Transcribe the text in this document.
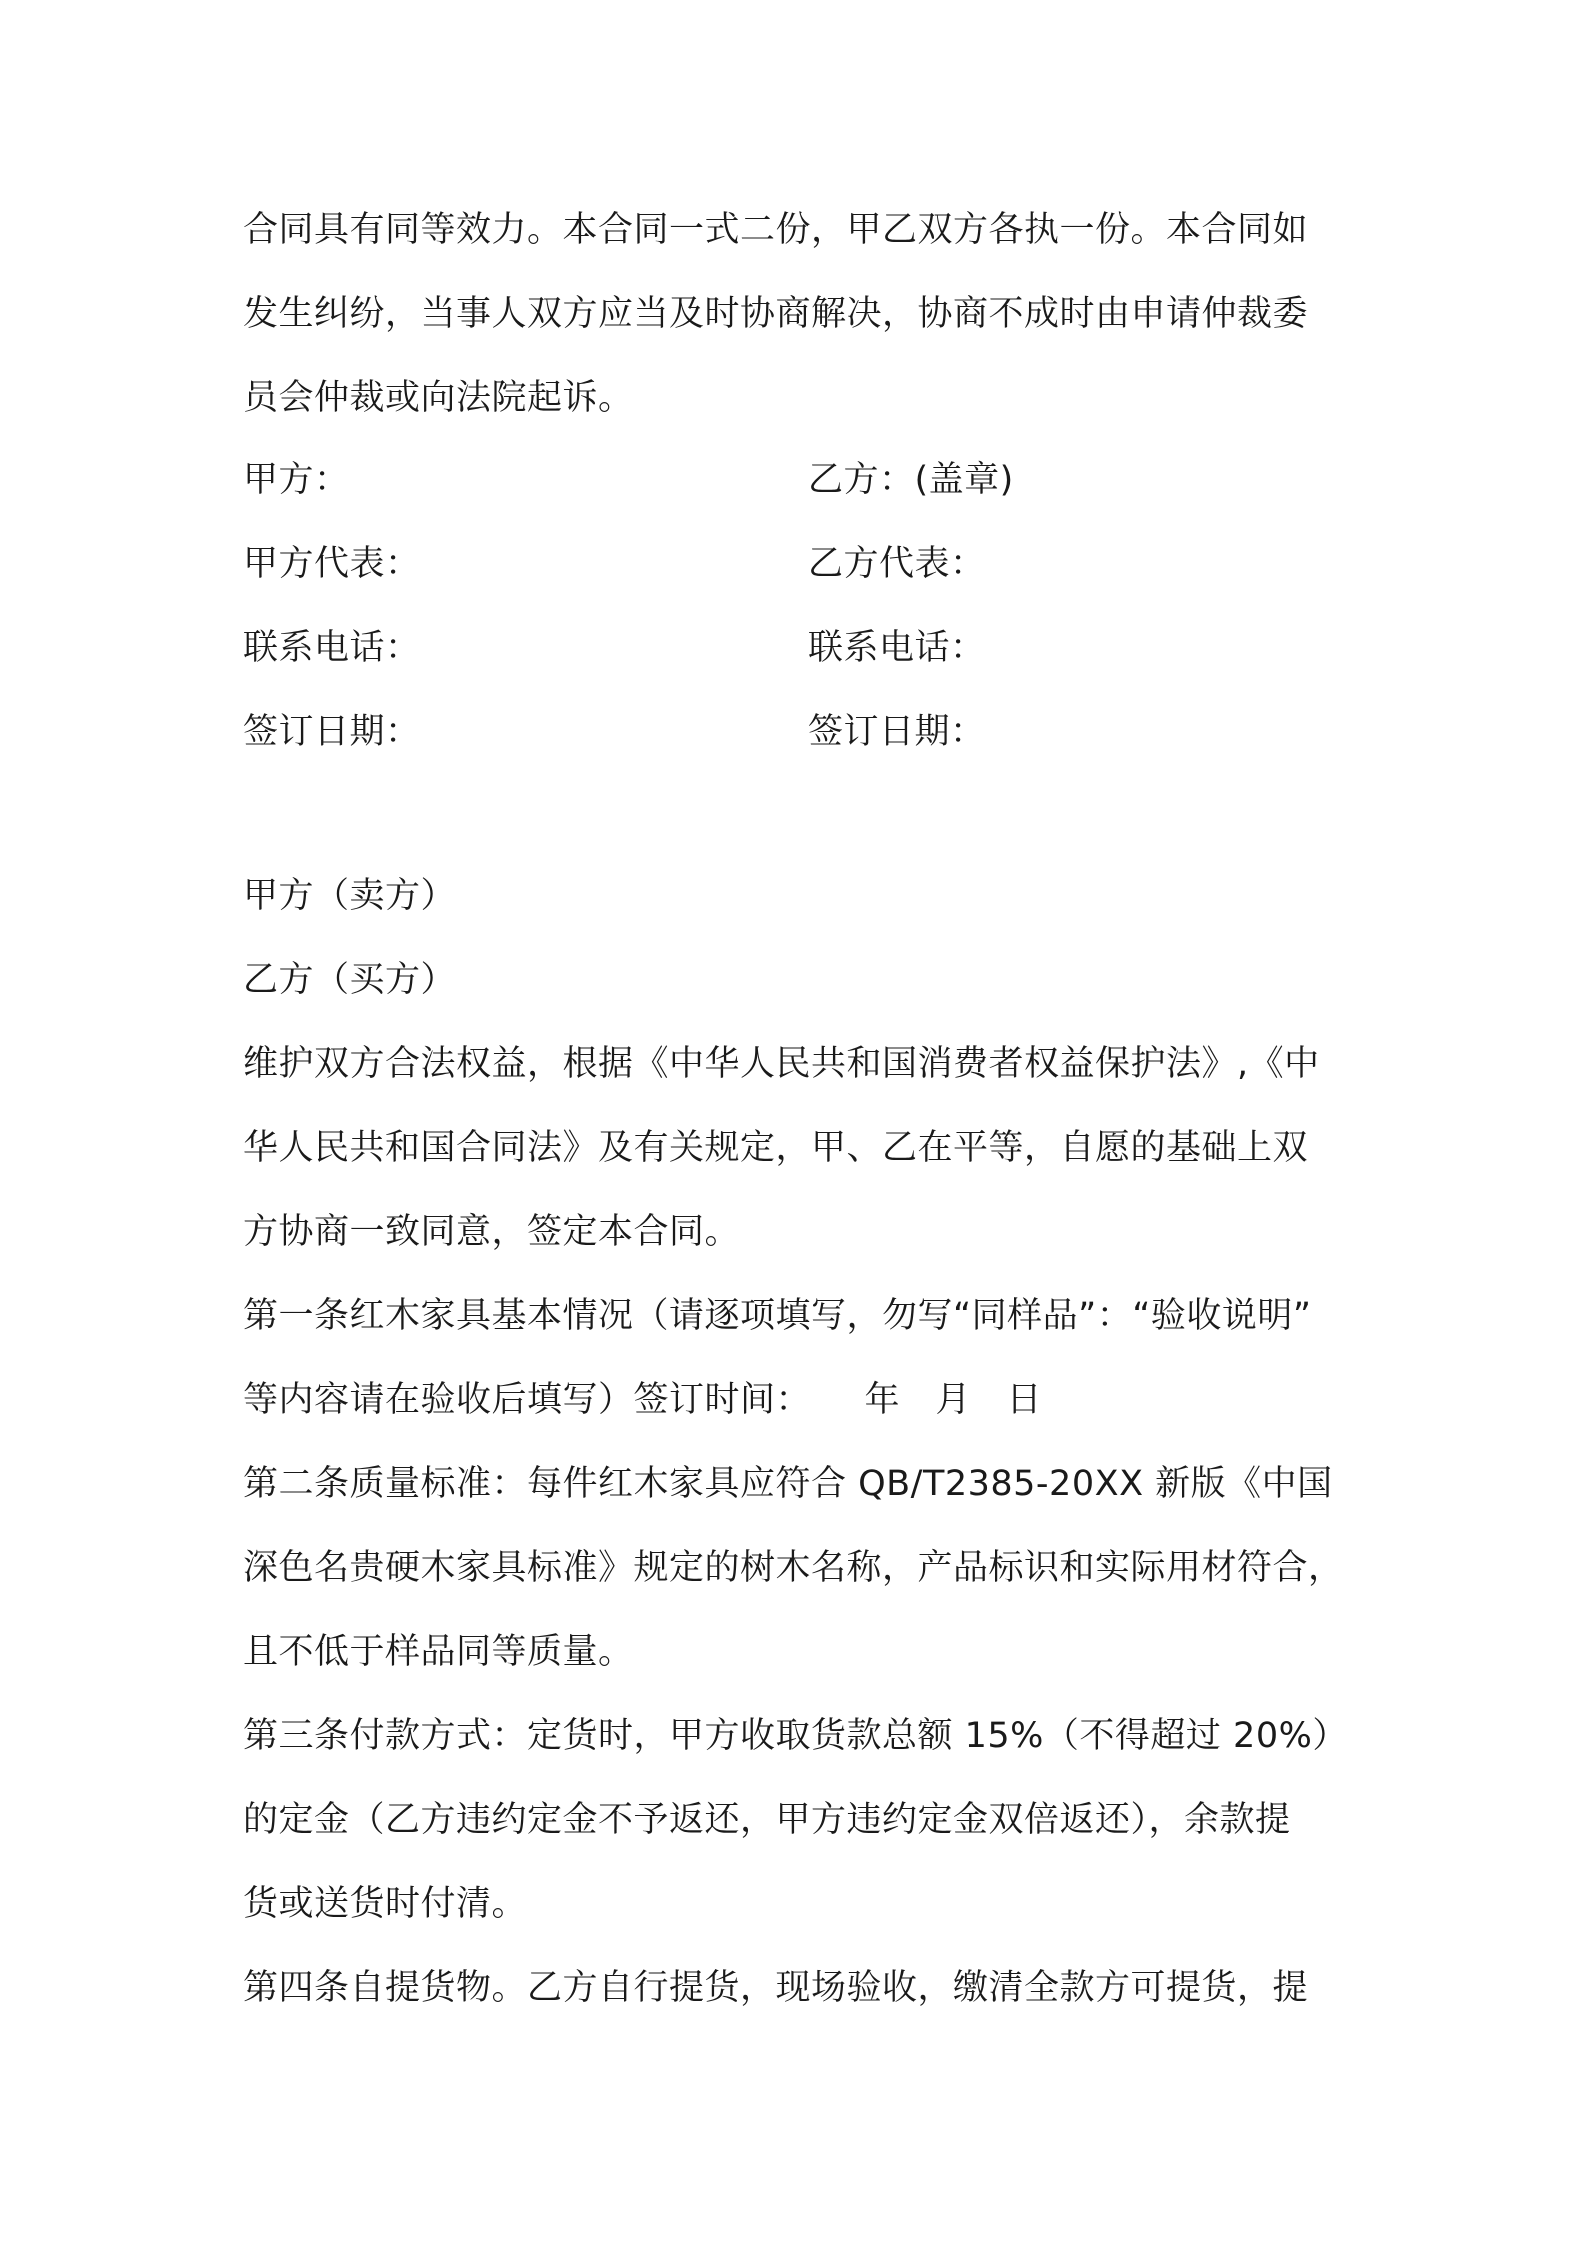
合同具有同等效力。本合同一式二份，甲乙双方各执一份。本合同如
发生纠纷，当事人双方应当及时协商解决，协商不成时由申请仲裁委
员会仲裁或向法院起诉。
甲方：	乙方：(盖章)
甲方代表：	乙方代表：
联系电话：	联系电话：
签订日期：	签订日期：
甲方（卖方）
乙方（买方）
维护双方合法权益，根据《中华人民共和国消费者权益保护法》,《中
华人民共和国合同法》及有关规定，甲、乙在平等，自愿的基础上双
方协商一致同意，签定本合同。
第一条红木家具基本情况（请逐项填写，勿写“同样品”：“验收说明”
等内容请在验收后填写）签订时间：　　年　月　日
第二条质量标准：每件红木家具应符合 QB/T2385-20XX 新版《中国
深色名贵硬木家具标准》规定的树木名称，产品标识和实际用材符合，
且不低于样品同等质量。
第三条付款方式：定货时，甲方收取货款总额 15%（不得超过 20%）
的定金（乙方违约定金不予返还，甲方违约定金双倍返还），余款提
货或送货时付清。
第四条自提货物。乙方自行提货，现场验收，缴清全款方可提货，提
